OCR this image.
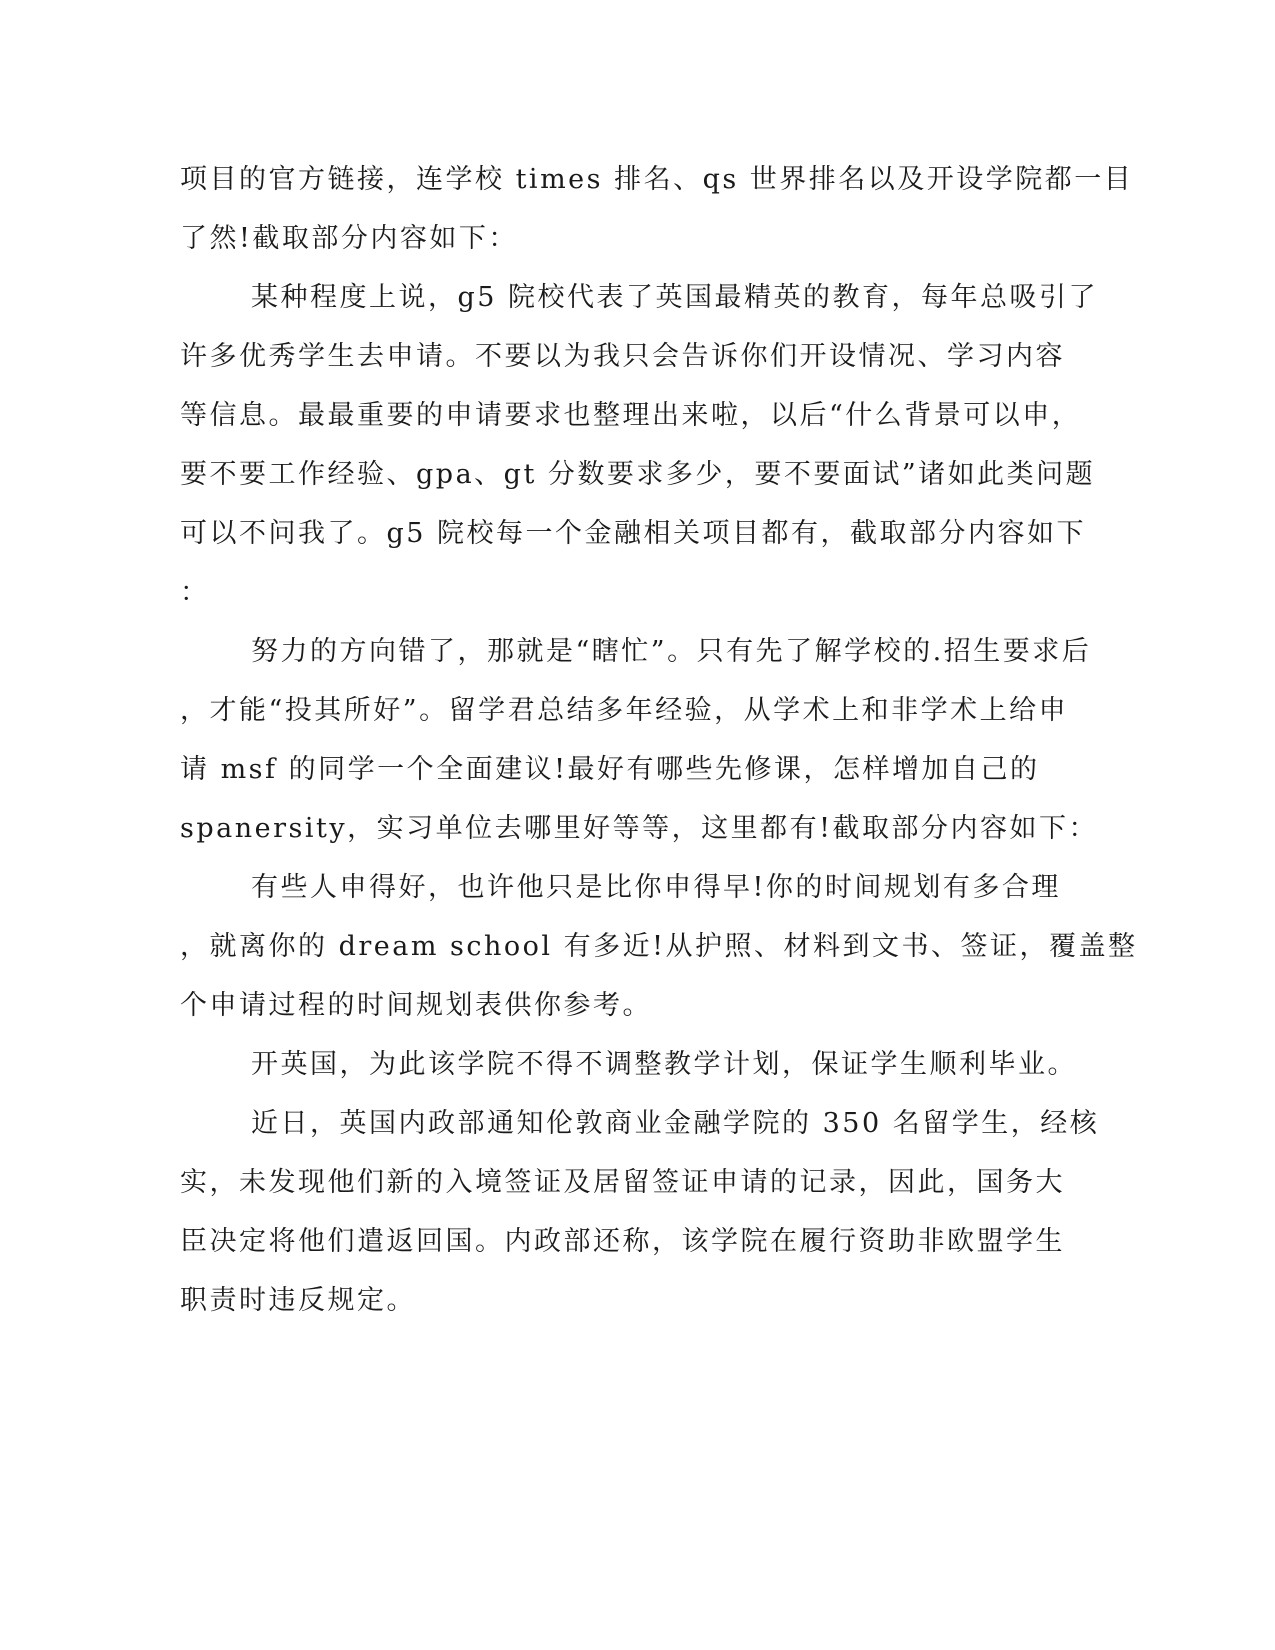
项目的官方链接，连学校 times 排名、qs 世界排名以及开设学院都一目
了然!截取部分内容如下：
某种程度上说，g5 院校代表了英国最精英的教育，每年总吸引了
许多优秀学生去申请。不要以为我只会告诉你们开设情况、学习内容
等信息。最最重要的申请要求也整理出来啦，以后“什么背景可以申，
要不要工作经验、gpa、gt 分数要求多少，要不要面试”诸如此类问题
可以不问我了。g5 院校每一个金融相关项目都有，截取部分内容如下
：
努力的方向错了，那就是“瞎忙”。只有先了解学校的.招生要求后
，才能“投其所好”。留学君总结多年经验，从学术上和非学术上给申
请 msf 的同学一个全面建议!最好有哪些先修课，怎样增加自己的
spanersity，实习单位去哪里好等等，这里都有!截取部分内容如下：
有些人申得好，也许他只是比你申得早!你的时间规划有多合理
，就离你的 dream school 有多近!从护照、材料到文书、签证，覆盖整
个申请过程的时间规划表供你参考。
开英国，为此该学院不得不调整教学计划，保证学生顺利毕业。
近日，英国内政部通知伦敦商业金融学院的 350 名留学生，经核
实，未发现他们新的入境签证及居留签证申请的记录，因此，国务大
臣决定将他们遣返回国。内政部还称，该学院在履行资助非欧盟学生
职责时违反规定。
